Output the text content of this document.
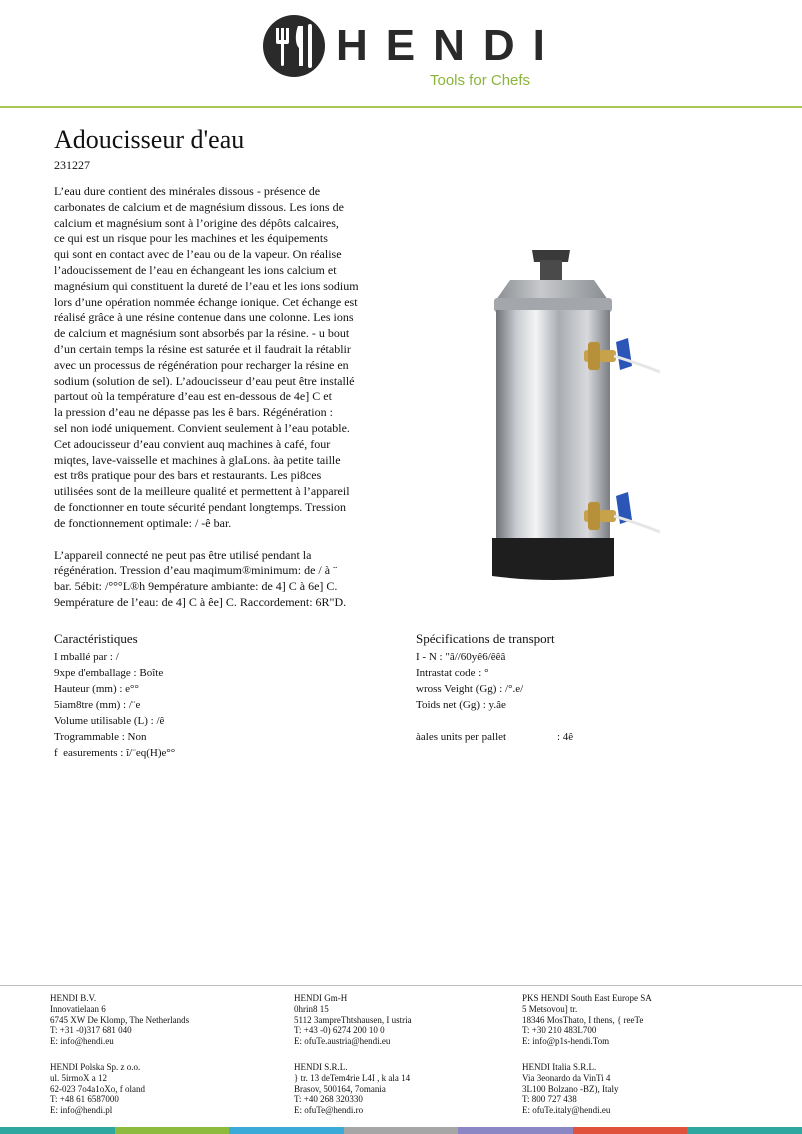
HENDI
Tools for Chefs
Adoucisseur d'eau
231227

L’eau dure contient des minérales dissous - présence de
carbonates de calcium et de magnésium dissous. Les ions de
calcium et magnésium sont à l’origine des dépôts calcaires,
ce qui est un risque pour les machines et les équipements
qui sont en contact avec de l’eau ou de la vapeur. On réalise
l’adoucissement de l’eau en échangeant les ions calcium et
magnésium qui constituent la dureté de l’eau et les ions sodium
lors d’une opération nommée échange ionique. Cet échange est
réalisé grâce à une résine contenue dans une colonne. Les ions
de calcium et magnésium sont absorbés par la résine. - u bout
d’un certain temps la résine est saturée et il faudrait la rétablir
avec un processus de régénération pour recharger la résine en
sodium (solution de sel). L’adoucisseur d’eau peut être installé
partout où la température d’eau est en-dessous de 4e] C et
la pression d’eau ne dépasse pas les ê bars. Régénération :
sel non iodé uniquement. Convient seulement à l’eau potable.
Cet adoucisseur d’eau convient auq machines à café, four
miqtes, lave-vaisselle et machines à glaLons. àa petite taille
est tr8s pratique pour des bars et restaurants. Les pi8ces
utilisées sont de la meilleure qualité et permettent à l’appareil
de fonctionner en toute sécurité pendant longtemps. Tression
de fonctionnement optimale: / -ê bar.

L’appareil connecté ne peut pas être utilisé pendant la
régénération. Tression d’eau maqimum®minimum: de / à ¨
bar. 5ébit: /°°°L®h 9empérature ambiante: de 4] C à 6e] C.
9empérature de l’eau: de 4] C à êe] C. Raccordement: 6R"D.

Caractéristiques
I mballé par : /
9xpe d'emballage : Boîte
Hauteur (mm) : e°°
5iam8tre (mm) : /¨e
Volume utilisable (L) : /ê
Trogrammable : Non
f  easurements : î/¨eq(H)e°°
Spécifications de transport
I - N : "â//60yê6/êêâ
Intrastat code : °
wross Veight (Gg) : /°.e/
Toids net (Gg) : y.âe
àales units per pallet	: 4ê
HENDI B.V.
Innovatielaan 6
6745 XW De Klomp, The Netherlands
T: +31 -0)317 681 040
E: info@hendi.eu
HENDI Gm-H
0hrin8 15
5112 3ampreThtshausen, I ustria
T: +43 -0) 6274 200 10 0
E: ofuTe.austria@hendi.eu
PKS HENDI South East Europe SA
5 Metsovou] tr.
18346 MosThato, I thens, { reeTe
T: +30 210 483L700
E: info@p1s-hendi.Tom
HENDI Polska Sp. z o.o.
ul. 5irmoX a 12
62-023 7o4a1oXo, f oland
T: +48 61 6587000
E: info@hendi.pl
HENDI S.R.L.
} tr. 13 deTem4rie L4I , k ala 14
Brasov, 500164, 7omania
T: +40 268 320330
E: ofuTe@hendi.ro
HENDI Italia S.R.L.
Via 3eonardo da VinTi 4
3L100 Bolzano -BZ), Italy
T: 800 727 438
E: ofuTe.italy@hendi.eu
